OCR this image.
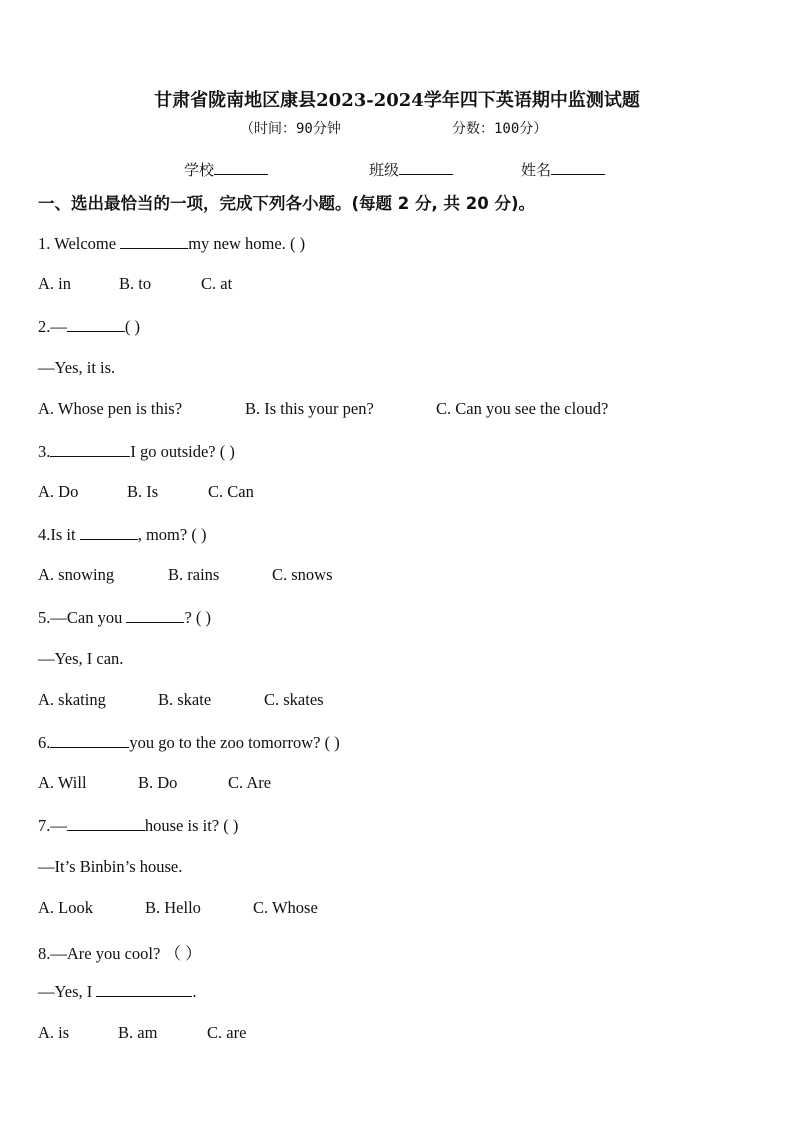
甘肃省陇南地区康县2023-2024学年四下英语期中监测试题
（时间：90分钟	分数：100分）
学校	班级	姓名
一、选出最恰当的一项，完成下列各小题。(每题 2 分, 共 20 分)。
1. Welcome	my new home. ( )
A. in	B. to	C. at
2.—	( )
—Yes, it is.
A. Whose pen is this?	B. Is this your pen?	C. Can you see the cloud?
3.	I go outside? ( )
A. Do	B. Is	C. Can
4.Is it	, mom? ( )
A. snowing	B. rains	C. snows
5.—Can you	? ( )
—Yes, I can.
A. skating	B. skate	C. skates
6.	you go to the zoo tomorrow? ( )
A. Will	B. Do	C. Are
7.—	house is it? ( )
—It’s Binbin’s house.
A. Look	B. Hello	C. Whose
8.—Are you cool? （ ）
—Yes, I	.
A. is	B. am	C. are
